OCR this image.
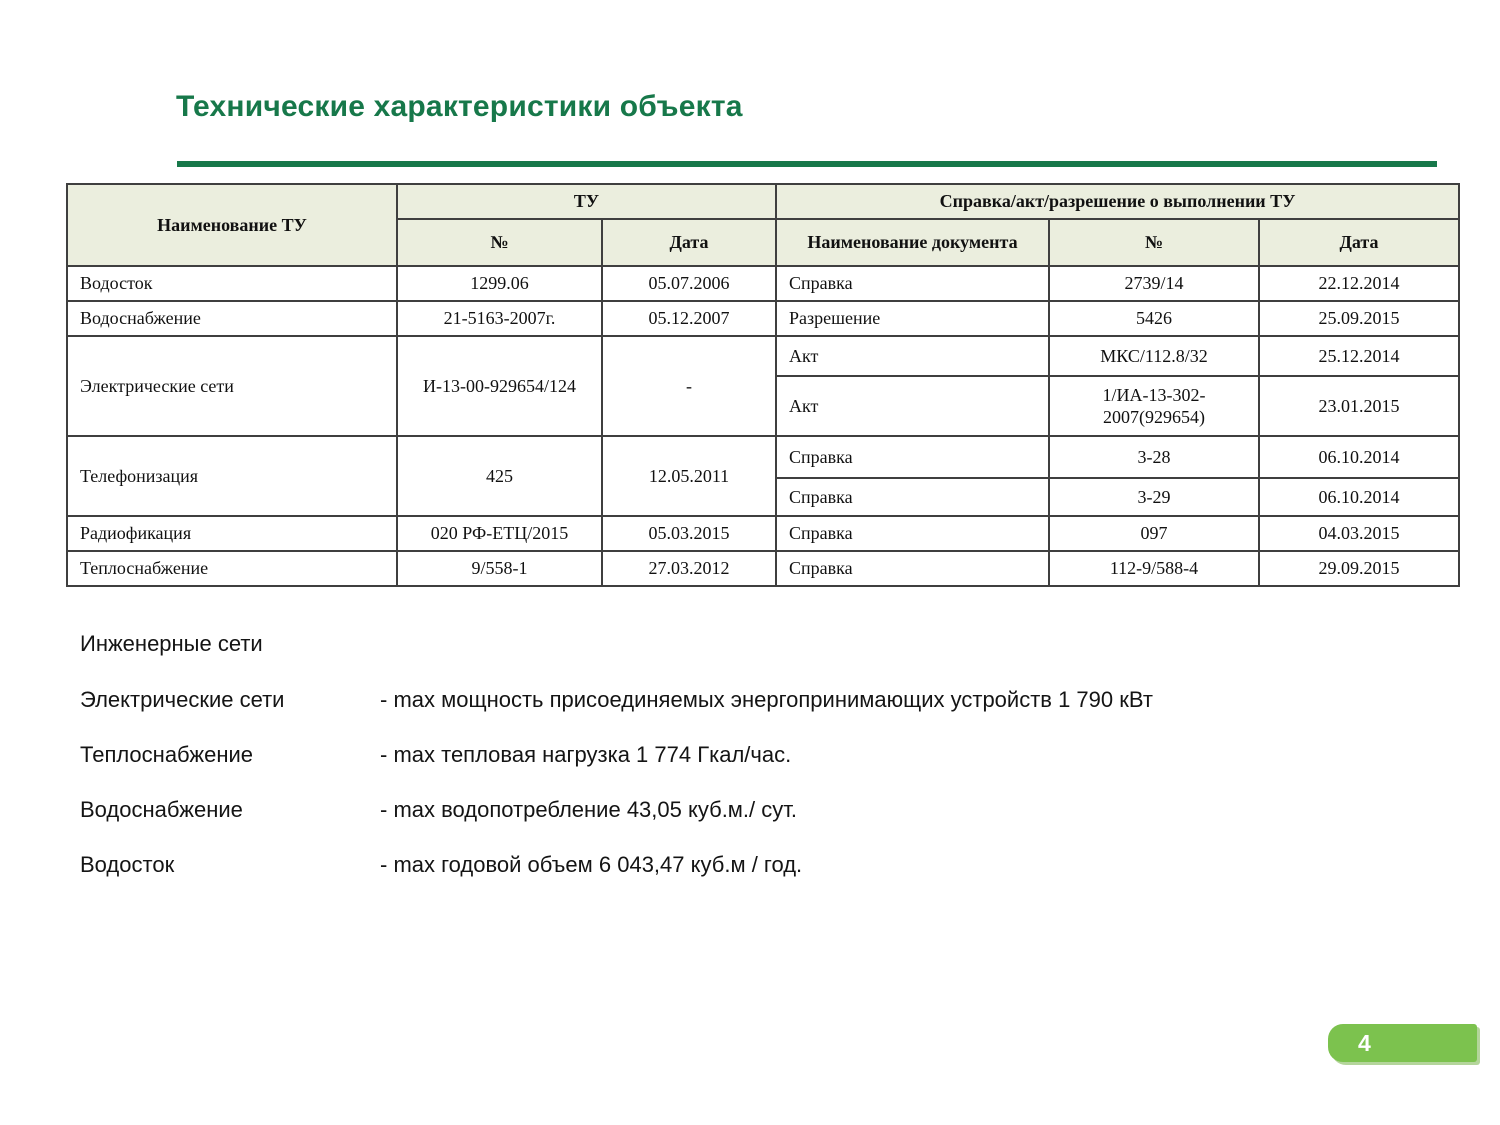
Технические характеристики объекта
Наименование ТУ	ТУ		Справка/акт/разрешение о выполнении ТУ		
	№	Дата	Наименование документа	№	Дата
Водосток	1299.06	05.07.2006	Справка	2739/14	22.12.2014
Водоснабжение	21-5163-2007г.	05.12.2007	Разрешение	5426	25.09.2015
Электрические сети	И-13-00-929654/124	-	Акт	МКС/112.8/32	25.12.2014
			Акт	1/ИА-13-302-2007(929654)	23.01.2015
Телефонизация	425	12.05.2011	Справка	3-28	06.10.2014
			Справка	3-29	06.10.2014
Радиофикация	020 РФ-ЕТЦ/2015	05.03.2015	Справка	097	04.03.2015
Теплоснабжение	9/558-1	27.03.2012	Справка	112-9/588-4	29.09.2015
Инженерные сети
Электрические сети	- max мощность присоединяемых энергопринимающих устройств 1 790 кВт
Теплоснабжение	- max тепловая нагрузка 1 774 Гкал/час.
Водоснабжение	- max водопотребление 43,05 куб.м./ сут.
Водосток	- max годовой объем 6 043,47 куб.м / год.
4
